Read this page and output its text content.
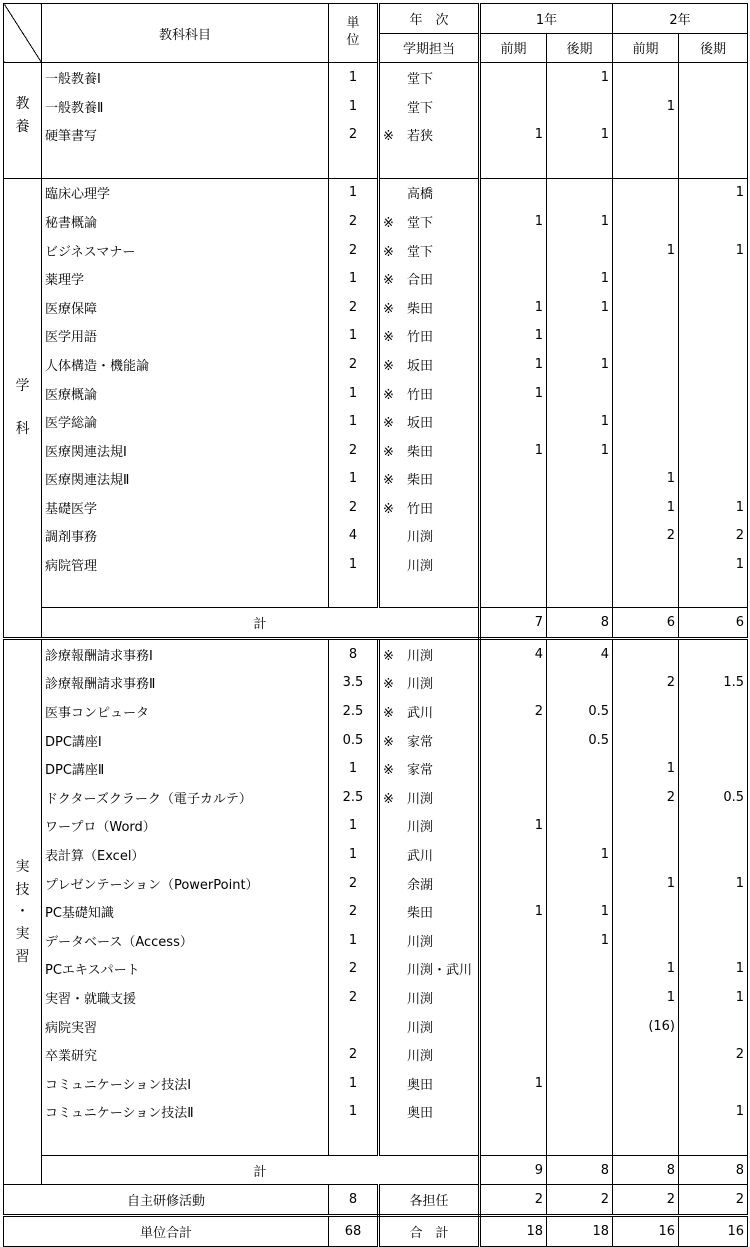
	教科科目	単
位	年　次	1年		2年	
			学期担当	前期	後期	前期	後期

教
養	一般教養Ⅰ	1	堂下		1		
	一般教養Ⅱ	1	堂下			1	
	硬筆書写	2	※ 若狭	1	1		

学
科	臨床心理学	1	高橋				1
	秘書概論	2	※ 堂下	1	1		
	ビジネスマナー	2	※ 堂下			1	1
	薬理学	1	※ 合田		1		
	医療保障	2	※ 柴田	1	1		
	医学用語	1	※ 竹田	1			
	人体構造・機能論	2	※ 坂田	1	1		
	医療概論	1	※ 竹田	1			
	医学総論	1	※ 坂田		1		
	医療関連法規Ⅰ	2	※ 柴田	1	1		
	医療関連法規Ⅱ	1	※ 柴田			1	
	基礎医学	2	※ 竹田			1	1
	調剤事務	4	川渕			2	2
	病院管理	1	川渕				1

	計			7	8	6	6

実
技
・
実
習	診療報酬請求事務Ⅰ	8	※ 川渕	4	4		
	診療報酬請求事務Ⅱ	3.5	※ 川渕			2	1.5
	医事コンピュータ	2.5	※ 武川	2	0.5		
	DPC講座Ⅰ	0.5	※ 家常		0.5		
	DPC講座Ⅱ	1	※ 家常			1	
	ドクターズクラーク（電子カルテ）	2.5	※ 川渕			2	0.5
	ワープロ（Word）	1	川渕	1			
	表計算（Excel）	1	武川		1		
	プレゼンテーション（PowerPoint）	2	余湖			1	1
	PC基礎知識	2	柴田	1	1		
	データベース（Access）	1	川渕		1		
	PCエキスパート	2	川渕・武川			1	1
	実習・就職支援	2	川渕			1	1
	病院実習		川渕			(16)	
	卒業研究	2	川渕				2
	コミュニケーション技法Ⅰ	1	奥田	1			
	コミュニケーション技法Ⅱ	1	奥田				1

	計			9	8	8	8
自主研修活動		8	各担任	2	2	2	2
単位合計		68	合　計	18	18	16	16
